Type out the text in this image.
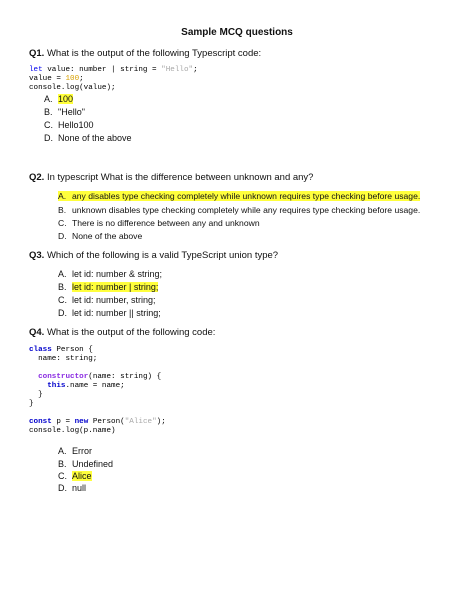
Sample MCQ questions
Q1. What is the output of the following Typescript code:
let value: number | string = "Hello";
value = 100;
console.log(value);
A. 100
B. "Hello"
C. Hello100
D. None of the above
Q2. In typescript What is the difference between unknown and any?
A. any disables type checking completely while unknown requires type checking before usage.
B. unknown disables type checking completely while any requires type checking before usage.
C. There is no difference between any and unknown
D. None of the above
Q3. Which of the following is a valid TypeScript union type?
A. let id: number & string;
B. let id: number | string;
C. let id: number, string;
D. let id: number || string;
Q4. What is the output of the following code:
class Person {
name: string;

constructor(name: string) {
this.name = name;
}
}

const p = new Person("Alice");
console.log(p.name)
A. Error
B. Undefined
C. Alice
D. null
